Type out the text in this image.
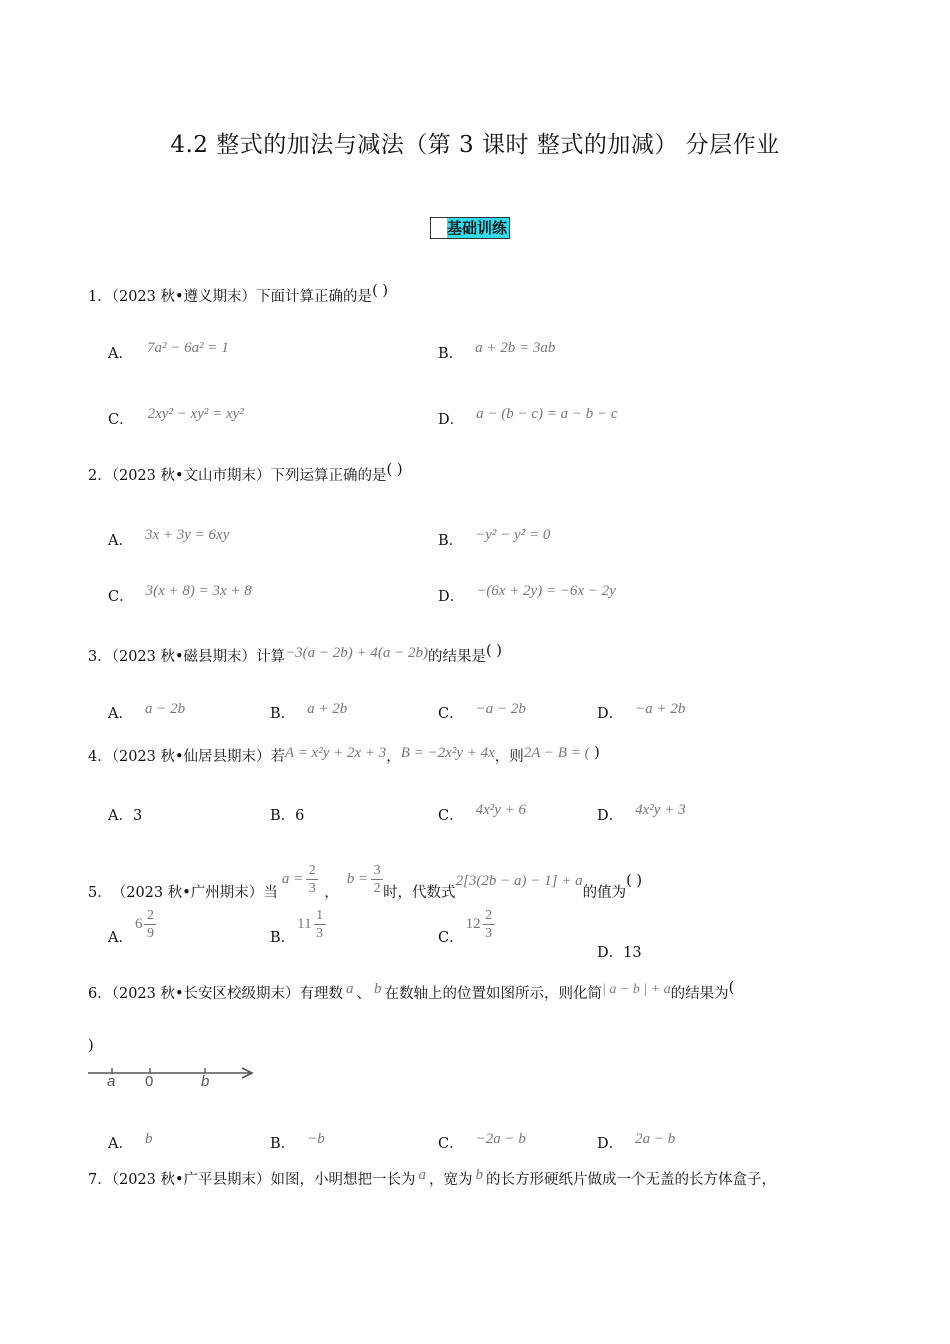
4.2 整式的加法与减法（第 3 课时 整式的加减） 分层作业
基础训练
1．（2023 秋•遵义期末）下面计算正确的是( )
A． 7a² − 6a² = 1	B． a + 2b = 3ab
C． 2xy² − xy² = xy²	D． a − (b − c) = a − b − c
2．（2023 秋•文山市期末）下列运算正确的是( )
A． 3x + 3y = 6xy	B． −y² − y² = 0
C． 3(x + 8) = 3x + 8	D． −(6x + 2y) = −6x − 2y
3．（2023 秋•磁县期末）计算−3(a − 2b) + 4(a − 2b)的结果是( )
A． a − 2b	B． a + 2b	C． −a − 2b	D． −a + 2b
4．（2023 秋•仙居县期末）若A = x²y + 2x + 3，B = −2x²y + 4x，则2A − B = ( )
A．3	B．6	C． 4x²y + 6	D． 4x²y + 3
5． （2023 秋•广州期末） 当
$a = \frac{2}{3}$ ，
$b = \frac{3}{2}$ 时，代数式
2[3(2b − a) − 1] + a
的值为
( )
A．
$6 \frac{2}{9}$	B．
$11 \frac{1}{3}$	C．
$12 \frac{2}{3}$
D．13
6．（2023 秋•长安区校级期末）有理数 a 、 b 在数轴上的位置如图所示，则化简| a − b | + a的结果为(
)
a 0	b
A． b	B． −b	C． −2a − b	D． 2a − b
7．（2023 秋•广平县期末）如图，小明想把一长为 a ，宽为 b 的长方形硬纸片做成一个无盖的长方体盒子，
